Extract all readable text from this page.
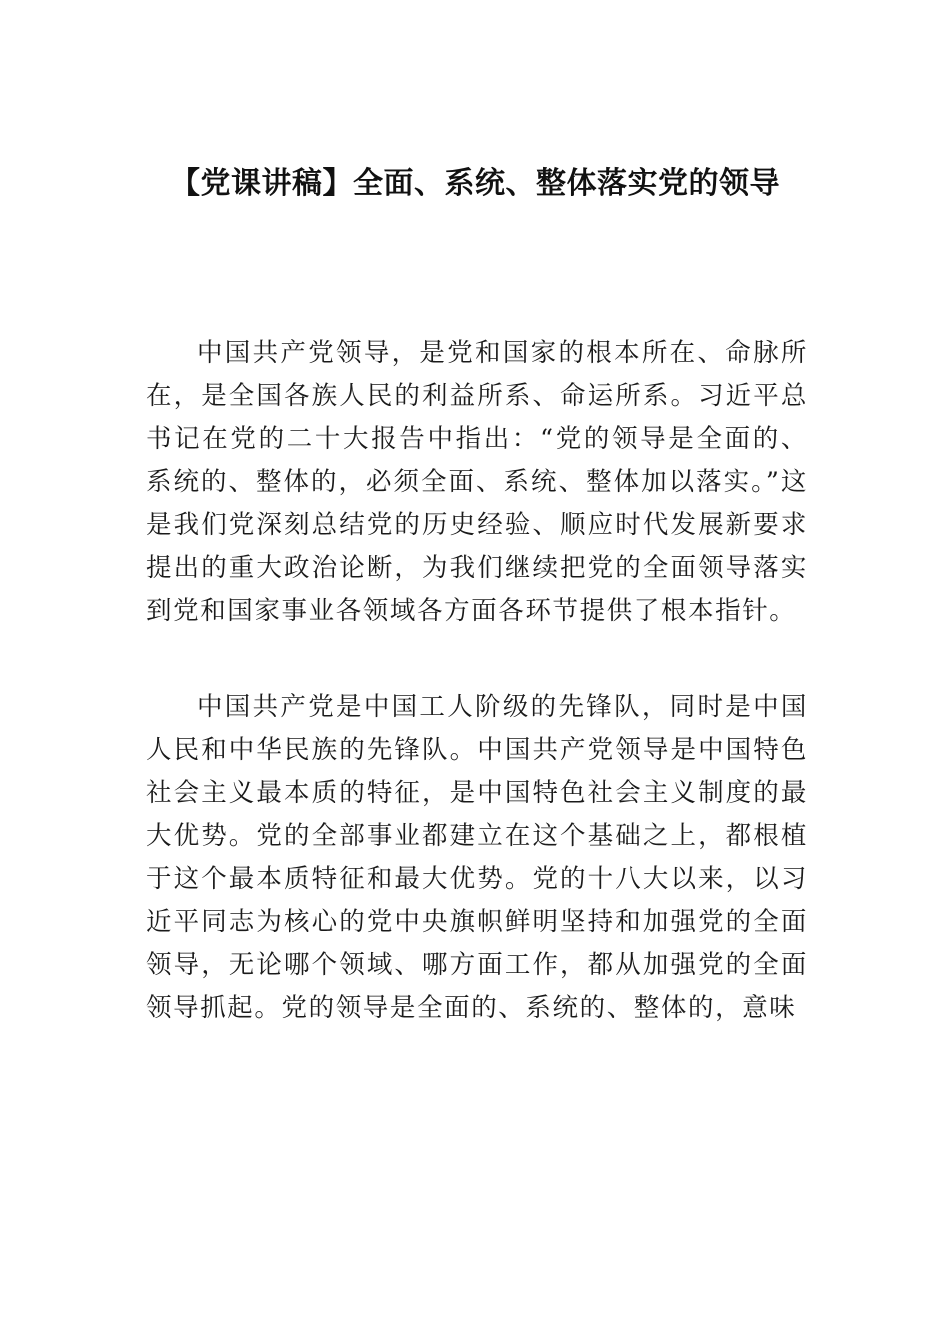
【党课讲稿】全面、系统、整体落实党的领导

中国共产党领导，是党和国家的根本所在、命脉所在，是全国各族人民的利益所系、命运所系。习近平总书记在党的二十大报告中指出：“党的领导是全面的、系统的、整体的，必须全面、系统、整体加以落实。”这是我们党深刻总结党的历史经验、顺应时代发展新要求提出的重大政治论断，为我们继续把党的全面领导落实到党和国家事业各领域各方面各环节提供了根本指针。

中国共产党是中国工人阶级的先锋队，同时是中国人民和中华民族的先锋队。中国共产党领导是中国特色社会主义最本质的特征，是中国特色社会主义制度的最大优势。党的全部事业都建立在这个基础之上，都根植于这个最本质特征和最大优势。党的十八大以来，以习近平同志为核心的党中央旗帜鲜明坚持和加强党的全面领导，无论哪个领域、哪方面工作，都从加强党的全面领导抓起。党的领导是全面的、系统的、整体的，意味
